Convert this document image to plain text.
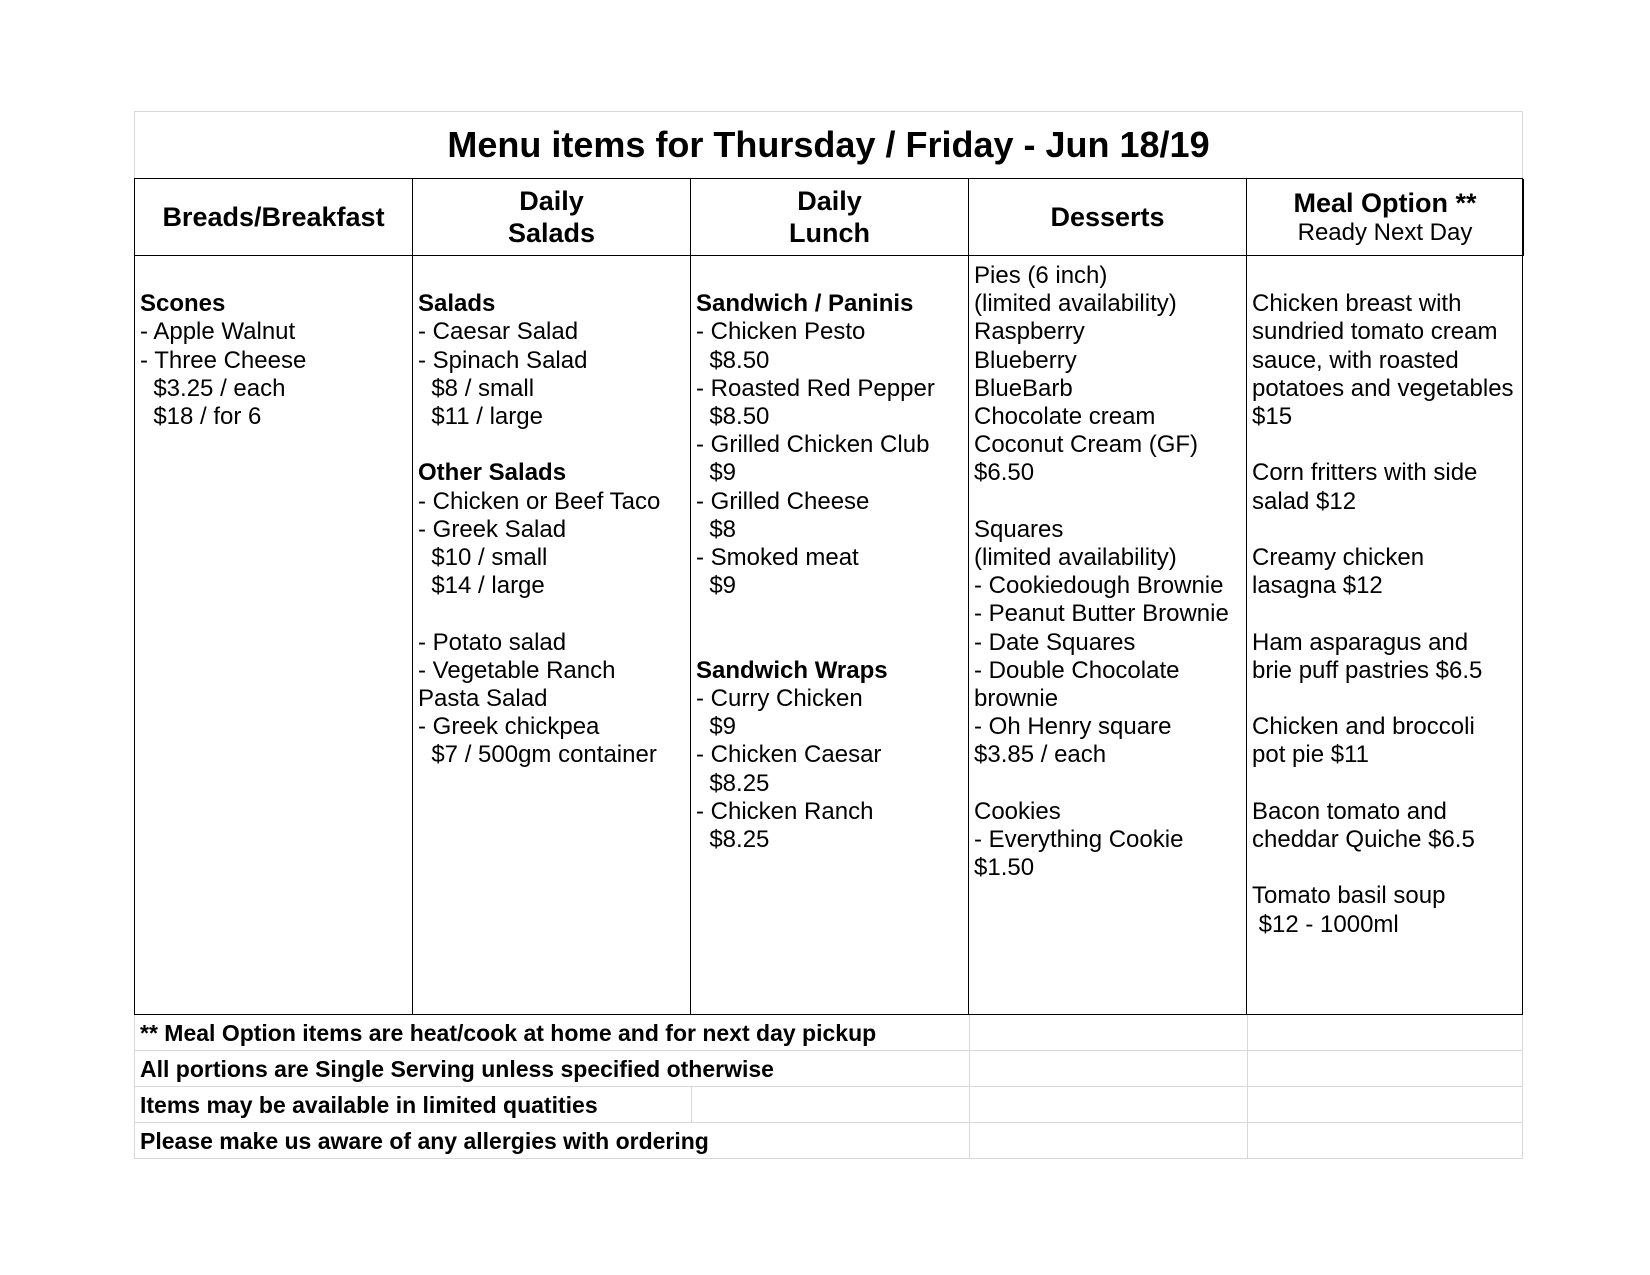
Menu items for Thursday / Friday - Jun 18/19
Breads/Breakfast
Daily
Salads
Daily
Lunch
Desserts	Meal Option **
Ready Next Day
Scones
- Apple Walnut
- Three Cheese
$3.25 / each
$18 / for 6
Salads
- Caesar Salad
- Spinach Salad
$8 / small
$11 / large
Other Salads
- Chicken or Beef Taco
- Greek Salad
$10 / small
$14 / large
- Potato salad
- Vegetable Ranch
Pasta Salad
- Greek chickpea
$7 / 500gm container
Sandwich / Paninis
- Chicken Pesto
$8.50
- Roasted Red Pepper
$8.50
- Grilled Chicken Club
$9
- Grilled Cheese
$8
- Smoked meat
$9
Sandwich Wraps
- Curry Chicken
$9
- Chicken Caesar
$8.25
- Chicken Ranch
$8.25
Pies (6 inch)
(limited availability)
Raspberry
Blueberry
BlueBarb
Chocolate cream
Coconut Cream (GF)
$6.50
Squares
(limited availability)
- Cookiedough Brownie
- Peanut Butter Brownie
- Date Squares
- Double Chocolate
brownie
- Oh Henry square
$3.85 / each
Cookies
- Everything Cookie
$1.50
Chicken breast with
sundried tomato cream
sauce, with roasted
potatoes and vegetables
$15
Corn fritters with side
salad $12
Creamy chicken
lasagna $12
Ham asparagus and
brie puff pastries $6.5
Chicken and broccoli
pot pie $11
Bacon tomato and
cheddar Quiche $6.5
Tomato basil soup
$12 - 1000ml
** Meal Option items are heat/cook at home and for next day pickup
All portions are Single Serving unless specified otherwise
Items may be available in limited quatities
Please make us aware of any allergies with ordering
